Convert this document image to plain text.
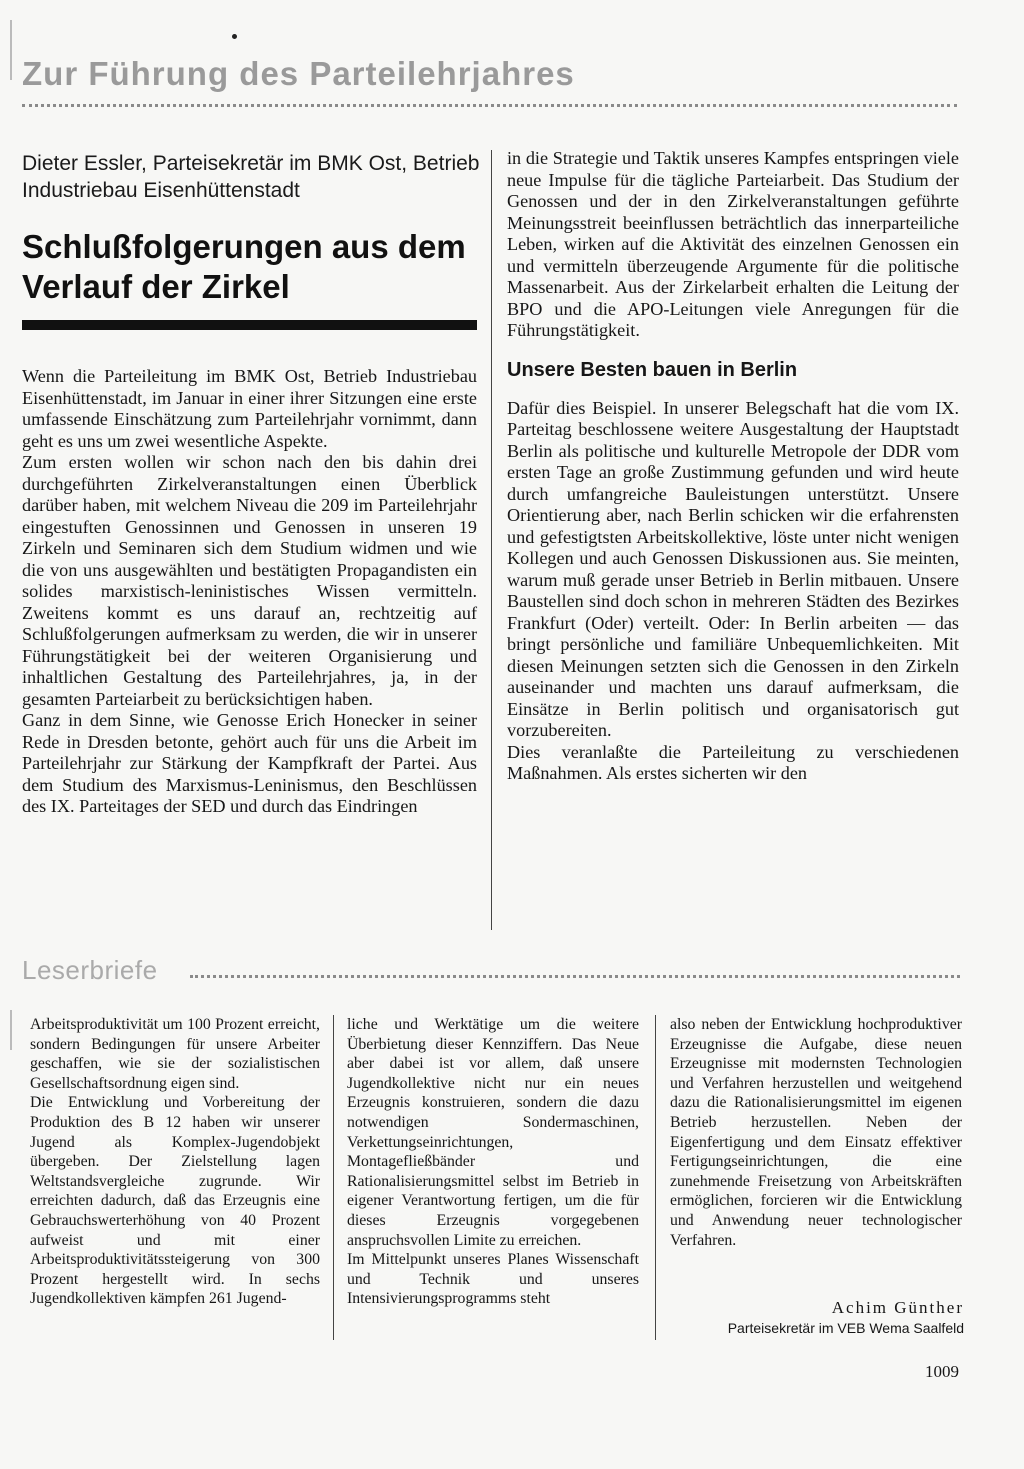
Zur Führung des Parteilehrjahres
Dieter Essler, Parteisekretär im BMK Ost, Betrieb Industriebau Eisenhüttenstadt
Schlußfolgerungen aus dem Verlauf der Zirkel

Wenn die Parteileitung im BMK Ost, Betrieb Industriebau Eisenhüttenstadt, im Januar in einer ihrer Sitzungen eine erste umfassende Einschätzung zum Parteilehrjahr vornimmt, dann geht es uns um zwei wesentliche Aspekte.

Zum ersten wollen wir schon nach den bis dahin drei durchgeführten Zirkelveranstaltungen einen Überblick darüber haben, mit welchem Niveau die 209 im Parteilehrjahr eingestuften Genossinnen und Genossen in unseren 19 Zirkeln und Seminaren sich dem Studium widmen und wie die von uns ausgewählten und bestätigten Propagandisten ein solides marxistisch-leninistisches Wissen vermitteln. Zweitens kommt es uns darauf an, rechtzeitig auf Schlußfolgerungen aufmerksam zu werden, die wir in unserer Führungstätigkeit bei der weiteren Organisierung und inhaltlichen Gestaltung des Parteilehrjahres, ja, in der gesamten Parteiarbeit zu berücksichtigen haben.

Ganz in dem Sinne, wie Genosse Erich Honecker in seiner Rede in Dresden betonte, gehört auch für uns die Arbeit im Parteilehrjahr zur Stärkung der Kampfkraft der Partei. Aus dem Studium des Marxismus-Leninismus, den Beschlüssen des IX. Parteitages der SED und durch das Eindringen

in die Strategie und Taktik unseres Kampfes entspringen viele neue Impulse für die tägliche Parteiarbeit. Das Studium der Genossen und der in den Zirkelveranstaltungen geführte Meinungsstreit beeinflussen beträchtlich das innerparteiliche Leben, wirken auf die Aktivität des einzelnen Genossen ein und vermitteln überzeugende Argumente für die politische Massenarbeit. Aus der Zirkelarbeit erhalten die Leitung der BPO und die APO-Leitungen viele Anregungen für die Führungstätigkeit.

Unsere Besten bauen in Berlin

Dafür dies Beispiel. In unserer Belegschaft hat die vom IX. Parteitag beschlossene weitere Ausgestaltung der Hauptstadt Berlin als politische und kulturelle Metropole der DDR vom ersten Tage an große Zustimmung gefunden und wird heute durch umfangreiche Bauleistungen unterstützt. Unsere Orientierung aber, nach Berlin schicken wir die erfahrensten und gefestigtsten Arbeitskollektive, löste unter nicht wenigen Kollegen und auch Genossen Diskussionen aus. Sie meinten, warum muß gerade unser Betrieb in Berlin mitbauen. Unsere Baustellen sind doch schon in mehreren Städten des Bezirkes Frankfurt (Oder) verteilt. Oder: In Berlin arbeiten — das bringt persönliche und familiäre Unbequemlichkeiten. Mit diesen Meinungen setzten sich die Genossen in den Zirkeln auseinander und machten uns darauf aufmerksam, die Einsätze in Berlin politisch und organisatorisch gut vorzubereiten.

Dies veranlaßte die Parteileitung zu verschiedenen Maßnahmen. Als erstes sicherten wir den

Leserbriefe

Arbeitsproduktivität um 100 Prozent erreicht, sondern Bedingungen für unsere Arbeiter geschaffen, wie sie der sozialistischen Gesellschaftsordnung eigen sind.

Die Entwicklung und Vorbereitung der Produktion des B 12 haben wir unserer Jugend als Komplex-Jugendobjekt übergeben. Der Zielstellung lagen Weltstandsvergleiche zugrunde. Wir erreichten dadurch, daß das Erzeugnis eine Gebrauchswerterhöhung von 40 Prozent aufweist und mit einer Arbeitsproduktivitätssteigerung von 300 Prozent hergestellt wird. In sechs Jugendkollektiven kämpfen 261 Jugend-

liche und Werktätige um die weitere Überbietung dieser Kennziffern. Das Neue aber dabei ist vor allem, daß unsere Jugendkollektive nicht nur ein neues Erzeugnis konstruieren, sondern die dazu notwendigen Sondermaschinen, Verkettungseinrichtungen, Montagefließbänder und Rationalisierungsmittel selbst im Betrieb in eigener Verantwortung fertigen, um die für dieses Erzeugnis vorgegebenen anspruchsvollen Limite zu erreichen.

Im Mittelpunkt unseres Planes Wissenschaft und Technik und unseres Intensivierungsprogramms steht

also neben der Entwicklung hochproduktiver Erzeugnisse die Aufgabe, diese neuen Erzeugnisse mit modernsten Technologien und Verfahren herzustellen und weitgehend dazu die Rationalisierungsmittel im eigenen Betrieb herzustellen. Neben der Eigenfertigung und dem Einsatz effektiver Fertigungseinrichtungen, die eine zunehmende Freisetzung von Arbeitskräften ermöglichen, forcieren wir die Entwicklung und Anwendung neuer technologischer Verfahren.

Achim Günther
Parteisekretär im VEB Wema Saalfeld
1009
